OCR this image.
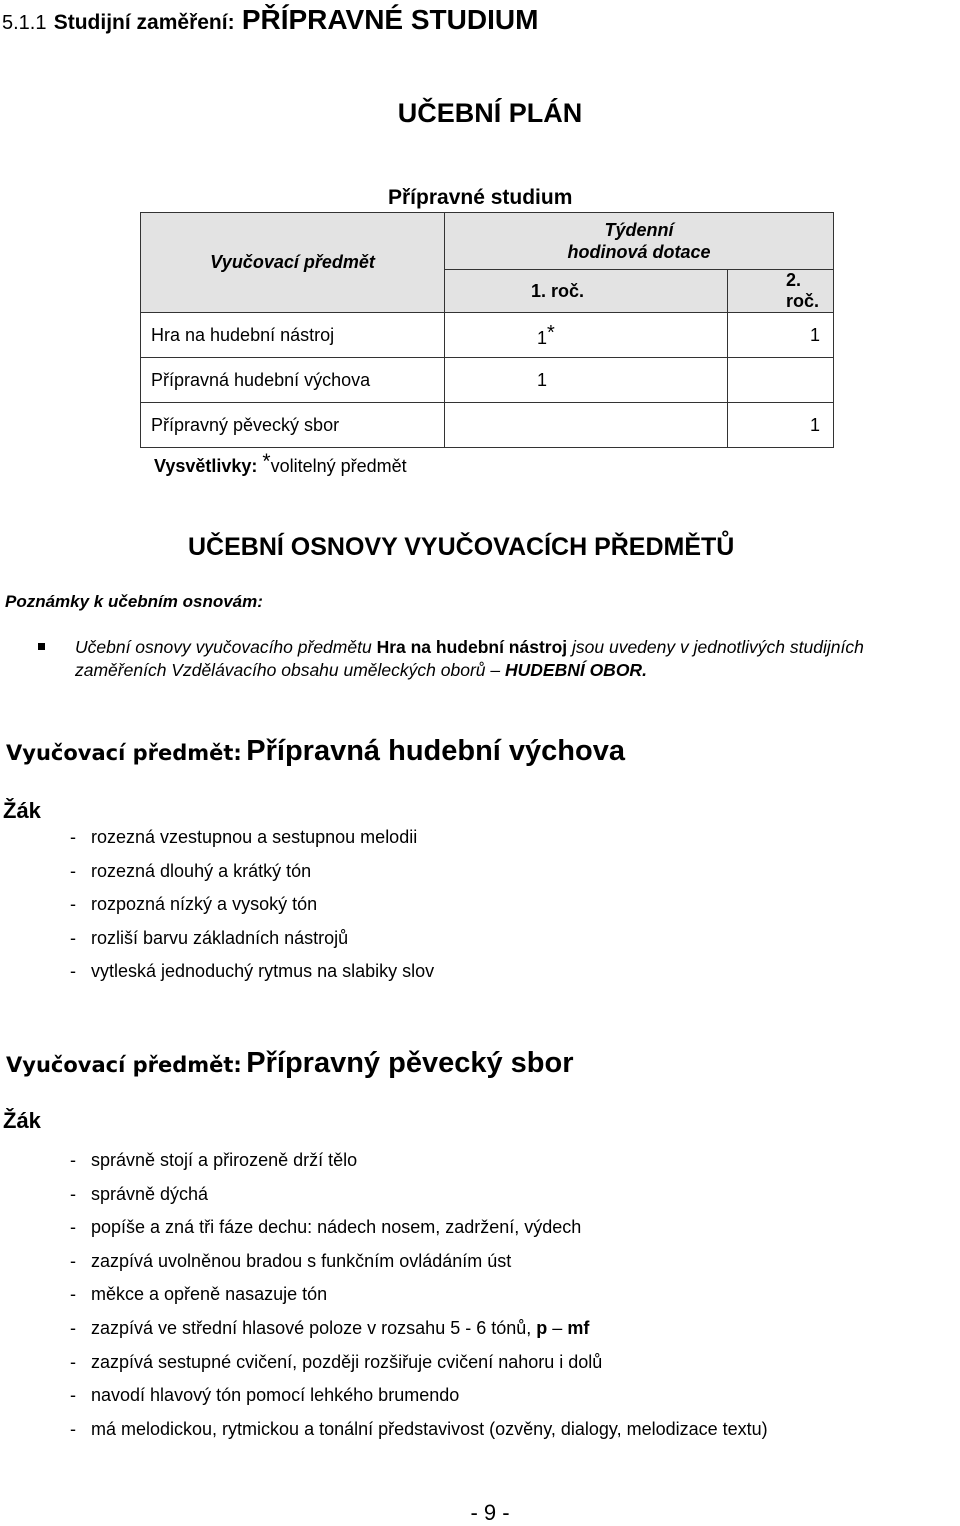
5.1.1 Studijní zaměření: PŘÍPRAVNÉ STUDIUM
UČEBNÍ PLÁN
Přípravné studium
Vyučovací předmět	Týdenní
hodinová dotace	
	1. roč.	2. roč.
Hra na hudební nástroj	1*	1
Přípravná hudební výchova	1	
Přípravný pěvecký sbor		1
Vysvětlivky: *volitelný předmět
UČEBNÍ OSNOVY VYUČOVACÍCH PŘEDMĚTŮ
Poznámky k učebním osnovám:
Učební osnovy vyučovacího předmětu Hra na hudební nástroj jsou uvedeny v jednotlivých studijních zaměřeních Vzdělávacího obsahu uměleckých oborů – HUDEBNÍ OBOR.
Vyučovací předmět: Přípravná hudební výchova
Žák
- rozezná vzestupnou a sestupnou melodii
- rozezná dlouhý a krátký tón
- rozpozná nízký a vysoký tón
- rozliší barvu základních nástrojů
- vytleská jednoduchý rytmus na slabiky slov
Vyučovací předmět: Přípravný pěvecký sbor
Žák
- správně stojí a přirozeně drží tělo
- správně dýchá
- popíše a zná tři fáze dechu: nádech nosem, zadržení, výdech
- zazpívá uvolněnou bradou s funkčním ovládáním úst
- měkce a opřeně nasazuje tón
- zazpívá ve střední hlasové poloze v rozsahu 5 - 6 tónů, p – mf
- zazpívá sestupné cvičení, později rozšiřuje cvičení nahoru i dolů
- navodí hlavový tón pomocí lehkého brumendo
- má melodickou, rytmickou a tonální představivost (ozvěny, dialogy, melodizace textu)
- 9 -
